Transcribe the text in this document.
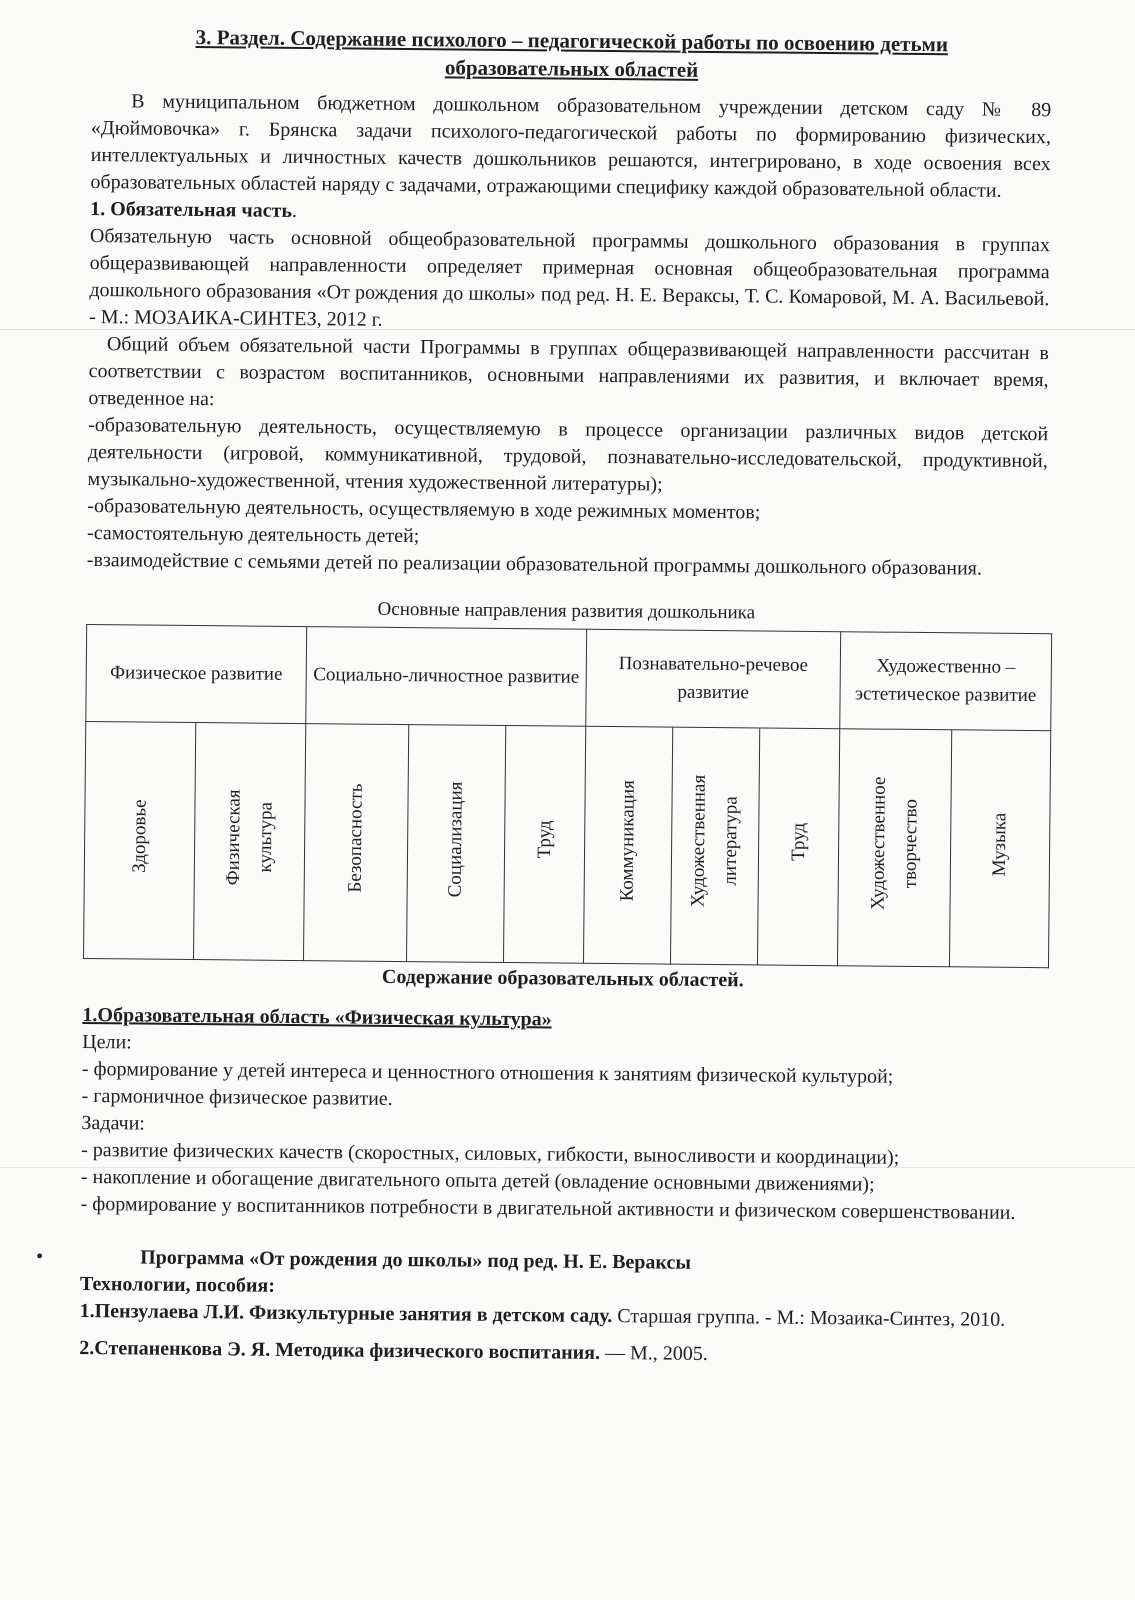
3. Раздел. Содержание психолого – педагогической работы по освоению детьми
образовательных областей

В муниципальном бюджетном дошкольном образовательном учреждении детском саду № 89 «Дюймовочка» г. Брянска задачи психолого-педагогической работы по формированию физических, интеллектуальных и личностных качеств дошкольников решаются, интегрировано, в ходе освоения всех образовательных областей наряду с задачами, отражающими специфику каждой образовательной области.

1. Обязательная часть.

Обязательную часть основной общеобразовательной программы дошкольного образования в группах общеразвивающей направленности определяет примерная основная общеобразовательная программа дошкольного образования «От рождения до школы» под ред. Н. Е. Вераксы, Т. С. Комаровой, М. А. Васильевой. - М.: МОЗАИКА-СИНТЕЗ, 2012 г.

Общий объем обязательной части Программы в группах общеразвивающей направленности рассчитан в соответствии с возрастом воспитанников, основными направлениями их развития, и включает время, отведенное на:

-образовательную деятельность, осуществляемую в процессе организации различных видов детской деятельности (игровой, коммуникативной, трудовой, познавательно-исследовательской, продуктивной, музыкально-художественной, чтения художественной литературы);

-образовательную деятельность, осуществляемую в ходе режимных моментов;

-самостоятельную деятельность детей;

-взаимодействие с семьями детей по реализации образовательной программы дошкольного образования.

Основные направления развития дошкольника
Физическое развитие		Социально-личностное развитие			Познавательно-речевое развитие			Художественно – эстетическое развитие	
Здоровье	Физическая культура	Безопасность	Социализация	Труд	Коммуникация	Художественная литература	Труд	Художественное творчество	Музыка
Содержание образовательных областей.
1.Образовательная область «Физическая культура»
Цели:
- формирование у детей интереса и ценностного отношения к занятиям физической культурой;
- гармоничное физическое развитие.
Задачи:
- развитие физических качеств (скоростных, силовых, гибкости, выносливости и координации);
- накопление и обогащение двигательного опыта детей (овладение основными движениями);
- формирование у воспитанников потребности в двигательной активности и физическом совершенствовании.
•	Программа «От рождения до школы» под ред. Н. Е. Вераксы
Технологии, пособия:
1.Пензулаева Л.И. Физкультурные занятия в детском саду. Старшая группа. - М.: Мозаика-Синтез, 2010.
2.Степаненкова Э. Я. Методика физического воспитания. — М., 2005.
